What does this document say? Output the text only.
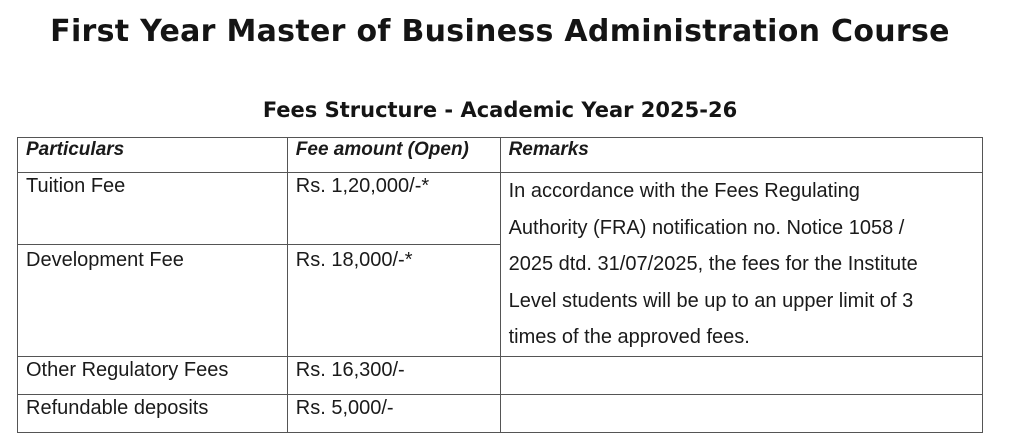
First Year Master of Business Administration Course
Fees Structure - Academic Year 2025-26
Particulars	Fee amount (Open)	Remarks
Tuition Fee	Rs. 1,20,000/-*	In accordance with the Fees Regulating
Authority (FRA) notification no. Notice 1058 /
2025 dtd. 31/07/2025, the fees for the Institute
Level students will be up to an upper limit of 3
times of the approved fees.

Development Fee	Rs. 18,000/-*	
Other Regulatory Fees	Rs. 16,300/-	
Refundable deposits	Rs. 5,000/-	
